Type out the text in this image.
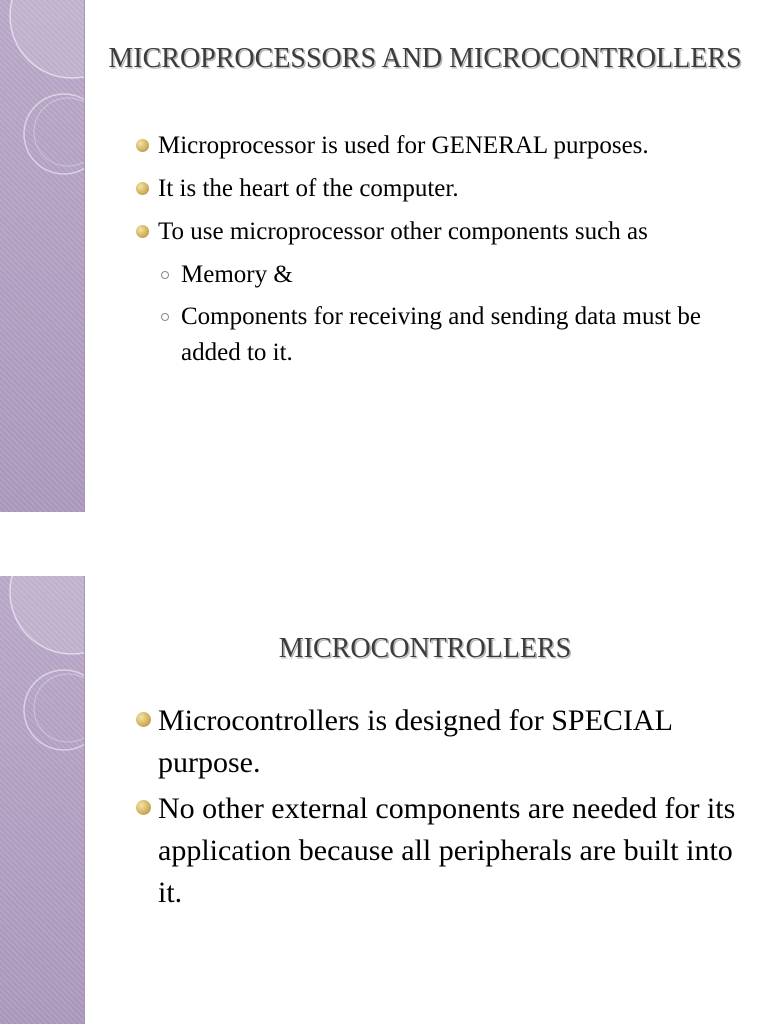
MICROPROCESSORS AND MICROCONTROLLERS
Microprocessor is used for GENERAL purposes.
It is the heart of the computer.
To use microprocessor other components such as
Memory &
Components for receiving and sending data must be added to it.
MICROCONTROLLERS
Microcontrollers is designed for SPECIAL purpose.
No other external components are needed for its application because all peripherals are built into it.
